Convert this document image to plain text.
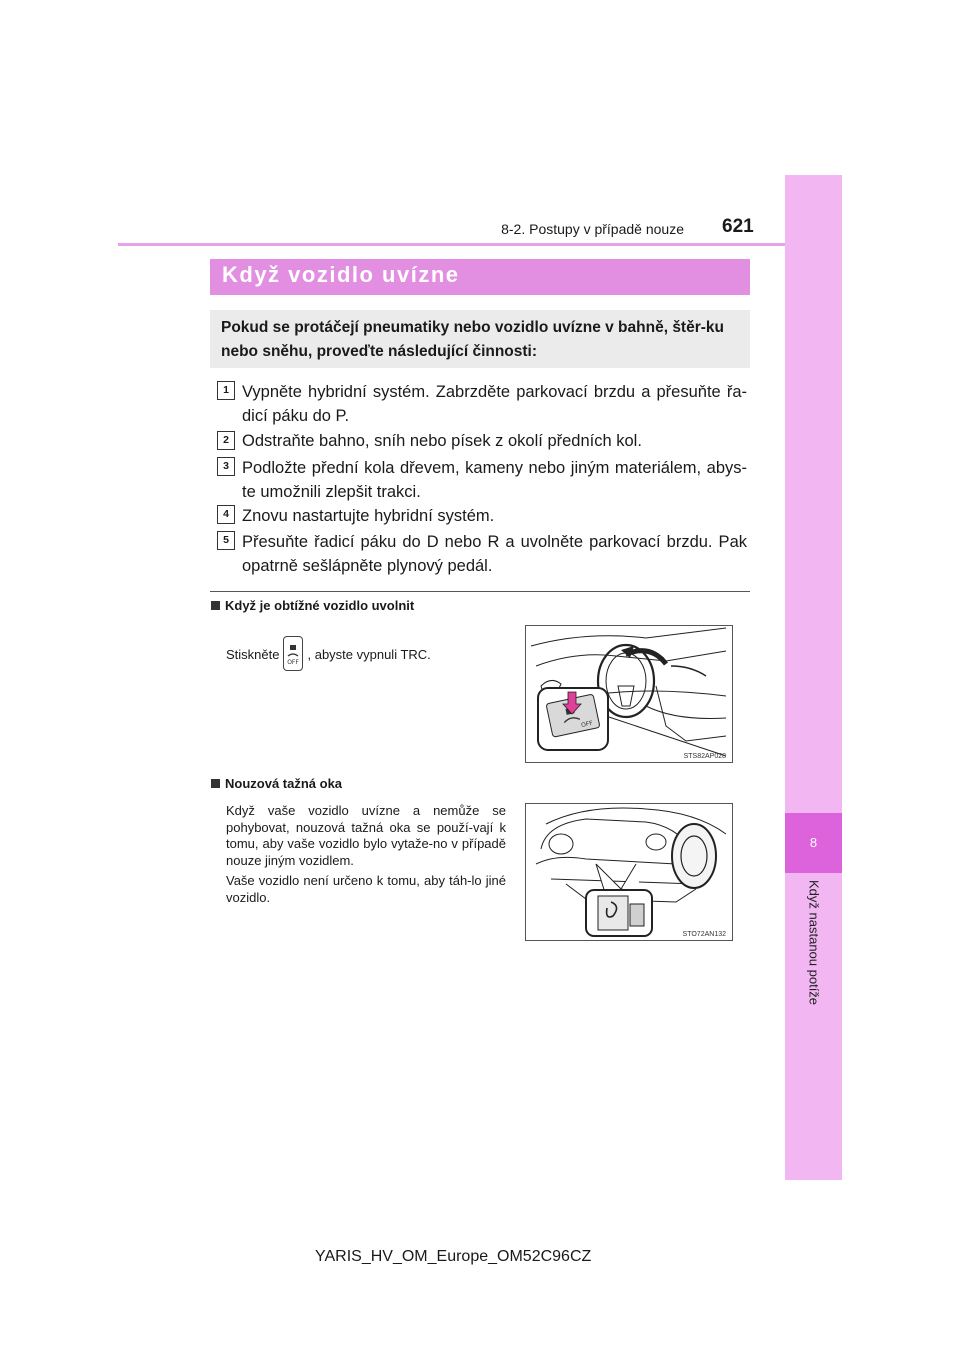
8
Když nastanou potíže
8-2. Postupy v případě nouze 621
Když vozidlo uvízne
Pokud se protáčejí pneumatiky nebo vozidlo uvízne v bahně, štěr-ku nebo sněhu, proveďte následující činnosti:
1 Vypněte hybridní systém. Zabrzděte parkovací brzdu a přesuňte řa-dicí páku do P.
2 Odstraňte bahno, sníh nebo písek z okolí předních kol.
3 Podložte přední kola dřevem, kameny nebo jiným materiálem, abys-te umožnili zlepšit trakci.
4 Znovu nastartujte hybridní systém.
5 Přesuňte řadicí páku do D nebo R a uvolněte parkovací brzdu. Pak opatrně sešlápněte plynový pedál.
Když je obtížné vozidlo uvolnit
Stiskněte
OFF
, abyste vypnuli TRC.
OFF
STS82AP028
Nouzová tažná oka
Když vaše vozidlo uvízne a nemůže se pohybovat, nouzová tažná oka se použí-vají k tomu, aby vaše vozidlo bylo vytaže-no v případě nouze jiným vozidlem.
Vaše vozidlo není určeno k tomu, aby táh-lo jiné vozidlo.
STO72AN132
YARIS_HV_OM_Europe_OM52C96CZ
